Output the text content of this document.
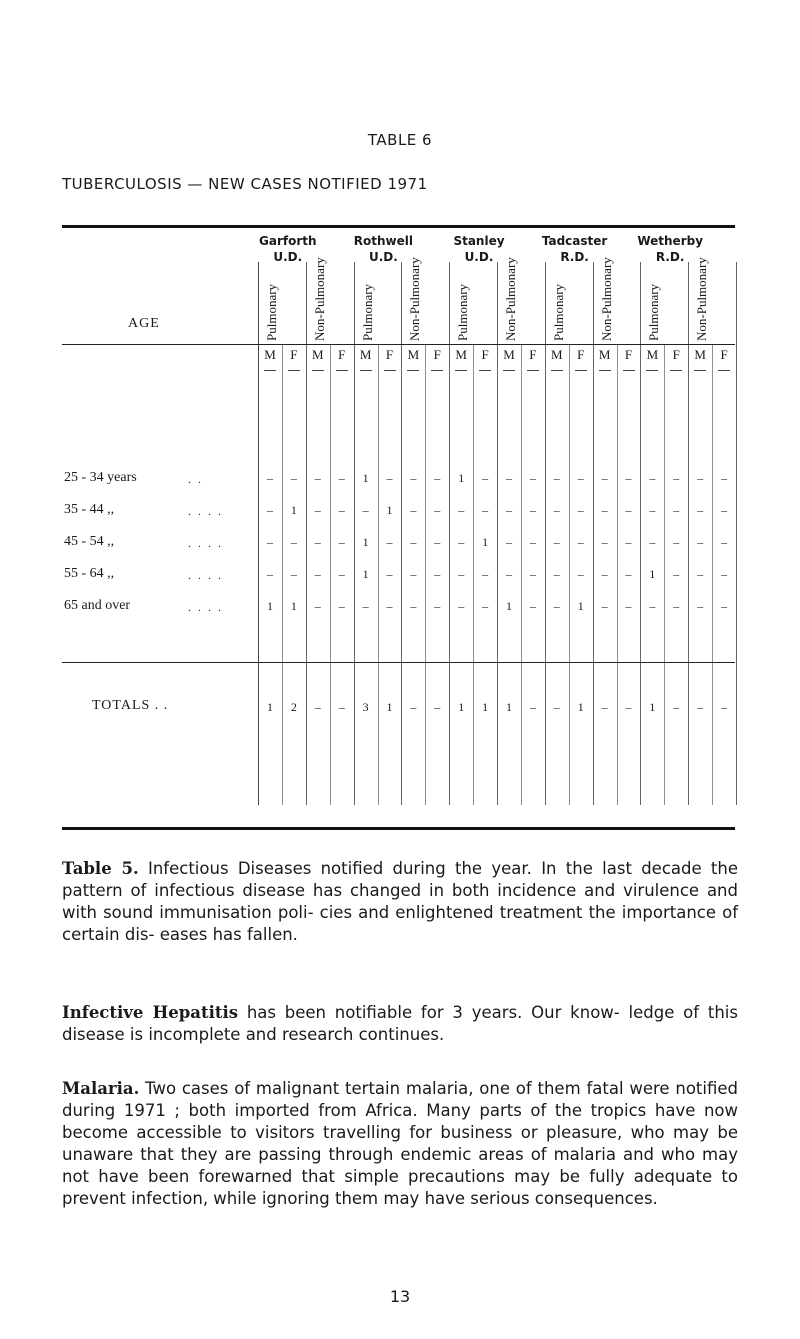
TABLE 6
TUBERCULOSIS — NEW CASES NOTIFIED 1971
Garforth
U.D.
Rothwell
U.D.
Stanley
U.D.
Tadcaster
R.D.
Wetherby
R.D.
AGE	Pulmonary	Non-Pulmonary	Pulmonary	Non-Pulmonary	Pulmonary	Non-Pulmonary	Pulmonary	Non-Pulmonary	Pulmonary	Non-Pulmonary
M	F	M	F	M	F	M	F	M	F	M	F	M	F	M	F	M	F	M	F
25 - 34 years	. .	–	–	–	–	1	–	–	–	1	–	–	–	–	–	–	–	–	–	–	–
35 - 44 ,,	. . . .	–	1	–	–	–	1	–	–	–	–	–	–	–	–	–	–	–	–	–	–
45 - 54 ,,	. . . .	–	–	–	–	1	–	–	–	–	1	–	–	–	–	–	–	–	–	–	–
55 - 64 ,,	. . . .	–	–	–	–	1	–	–	–	–	–	–	–	–	–	–	–	1	–	–	–
65 and over	. . . .	1	1	–	–	–	–	–	–	–	–	1	–	–	1	–	–	–	–	–	–
TOTALS . .	1	2	–	–	3	1	–	–	1	1	1	–	–	1	–	–	1	–	–	–

Table 5. Infectious Diseases notified during the year. In the last decade the pattern of infectious disease has changed in both incidence and virulence and with sound immunisation poli- cies and enlightened treatment the importance of certain dis- eases has fallen.

Infective Hepatitis has been notifiable for 3 years. Our know- ledge of this disease is incomplete and research continues.

Malaria. Two cases of malignant tertain malaria, one of them fatal were notified during 1971 ; both imported from Africa. Many parts of the tropics have now become accessible to visitors travelling for business or pleasure, who may be unaware that they are passing through endemic areas of malaria and who may not have been forewarned that simple precautions may be fully adequate to prevent infection, while ignoring them may have serious consequences.

13
